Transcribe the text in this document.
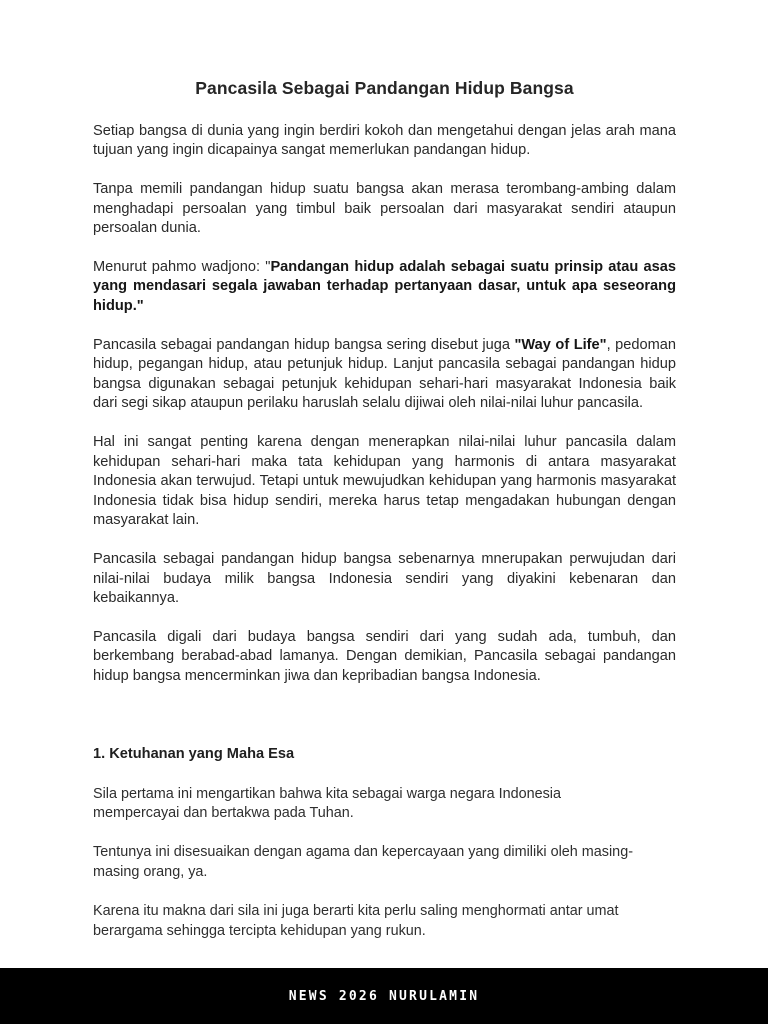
Pancasila Sebagai Pandangan Hidup Bangsa

Setiap bangsa di dunia yang ingin berdiri kokoh dan mengetahui dengan jelas arah mana tujuan yang ingin dicapainya sangat memerlukan pandangan hidup.

Tanpa memili pandangan hidup suatu bangsa akan merasa terombang-ambing dalam menghadapi persoalan yang timbul baik persoalan dari masyarakat sendiri ataupun persoalan dunia.

Menurut pahmo wadjono: "Pandangan hidup adalah sebagai suatu prinsip atau asas yang mendasari segala jawaban terhadap pertanyaan dasar, untuk apa seseorang hidup."

Pancasila sebagai pandangan hidup bangsa sering disebut juga "Way of Life", pedoman hidup, pegangan hidup, atau petunjuk hidup. Lanjut pancasila sebagai pandangan hidup bangsa digunakan sebagai petunjuk kehidupan sehari-hari masyarakat Indonesia baik dari segi sikap ataupun perilaku haruslah selalu dijiwai oleh nilai-nilai luhur pancasila.

Hal ini sangat penting karena dengan menerapkan nilai-nilai luhur pancasila dalam kehidupan sehari-hari maka tata kehidupan yang harmonis di antara masyarakat Indonesia akan terwujud. Tetapi untuk mewujudkan kehidupan yang harmonis masyarakat Indonesia tidak bisa hidup sendiri, mereka harus tetap mengadakan hubungan dengan masyarakat lain.

Pancasila sebagai pandangan hidup bangsa sebenarnya mnerupakan perwujudan dari nilai-nilai budaya milik bangsa Indonesia sendiri yang diyakini kebenaran dan kebaikannya.

Pancasila digali dari budaya bangsa sendiri dari yang sudah ada, tumbuh, dan berkembang berabad-abad lamanya. Dengan demikian, Pancasila sebagai pandangan hidup bangsa mencerminkan jiwa dan kepribadian bangsa Indonesia.

1. Ketuhanan yang Maha Esa

Sila pertama ini mengartikan bahwa kita sebagai warga negara Indonesia mempercayai dan bertakwa pada Tuhan.

Tentunya ini disesuaikan dengan agama dan kepercayaan yang dimiliki oleh masing-masing orang, ya.

Karena itu makna dari sila ini juga berarti kita perlu saling menghormati antar umat berargama sehingga tercipta kehidupan yang rukun.

NEWS 2026 NURULAMIN
